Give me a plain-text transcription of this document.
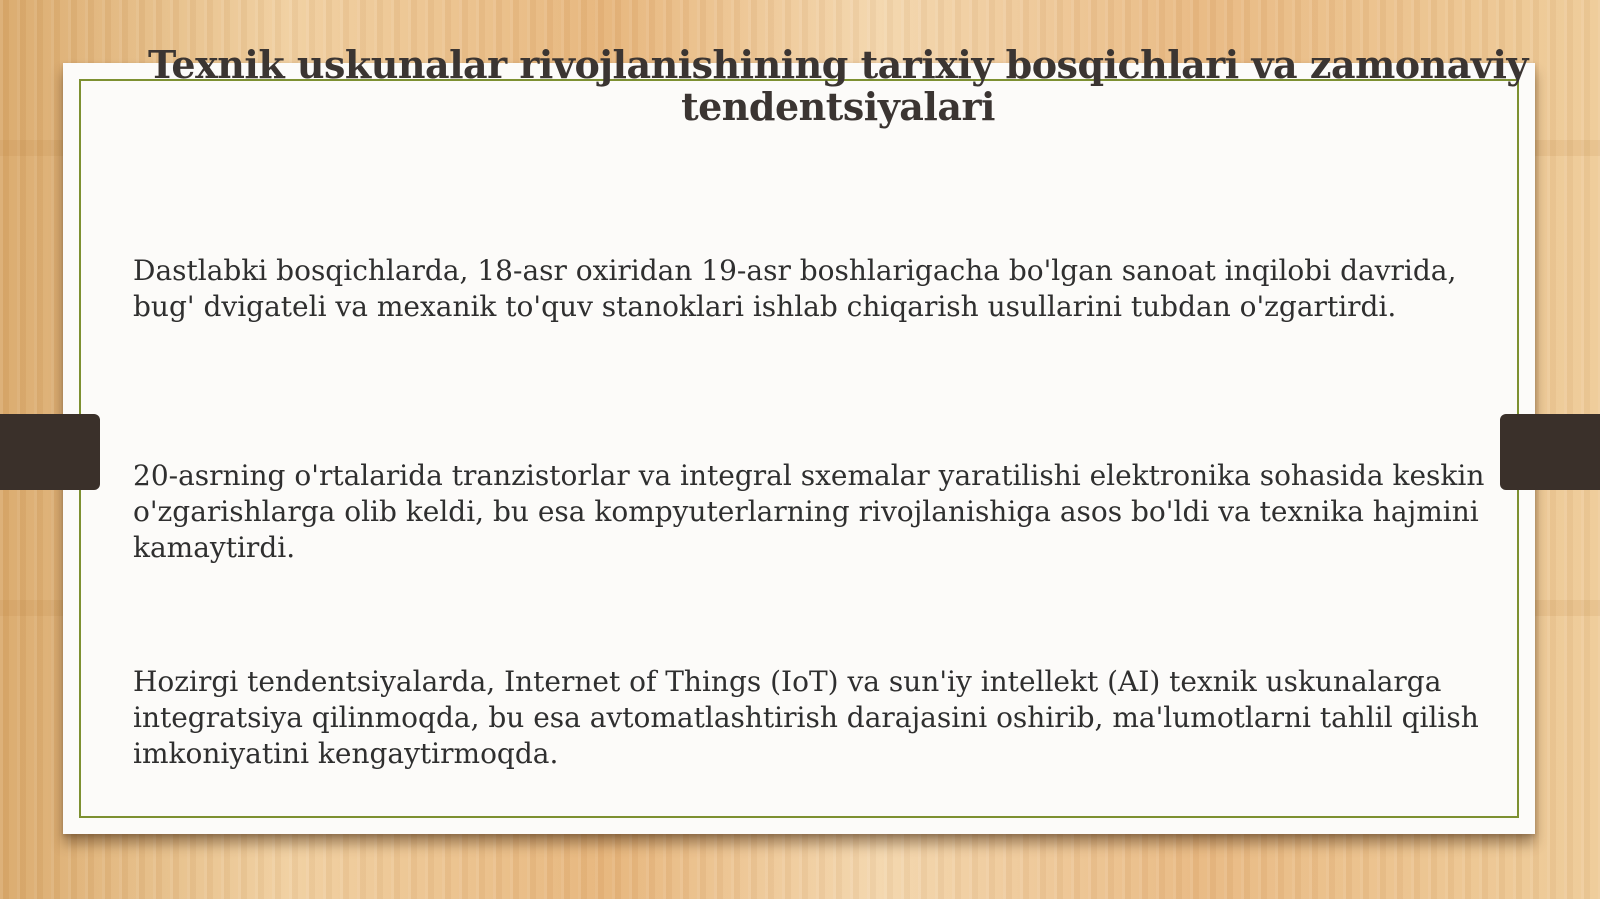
Texnik uskunalar rivojlanishining tarixiy bosqichlari va zamonaviy tendentsiyalari

Dastlabki bosqichlarda, 18-asr oxiridan 19-asr boshlarigacha bo'lgan sanoat inqilobi davrida, bug' dvigateli va mexanik to'quv stanoklari ishlab chiqarish usullarini tubdan o'zgartirdi.

20-asrning o'rtalarida tranzistorlar va integral sxemalar yaratilishi elektronika sohasida keskin o'zgarishlarga olib keldi, bu esa kompyuterlarning rivojlanishiga asos bo'ldi va texnika hajmini kamaytirdi.

Hozirgi tendentsiyalarda, Internet of Things (IoT) va sun'iy intellekt (AI) texnik uskunalarga integratsiya qilinmoqda, bu esa avtomatlashtirish darajasini oshirib, ma'lumotlarni tahlil qilish imkoniyatini kengaytirmoqda.
